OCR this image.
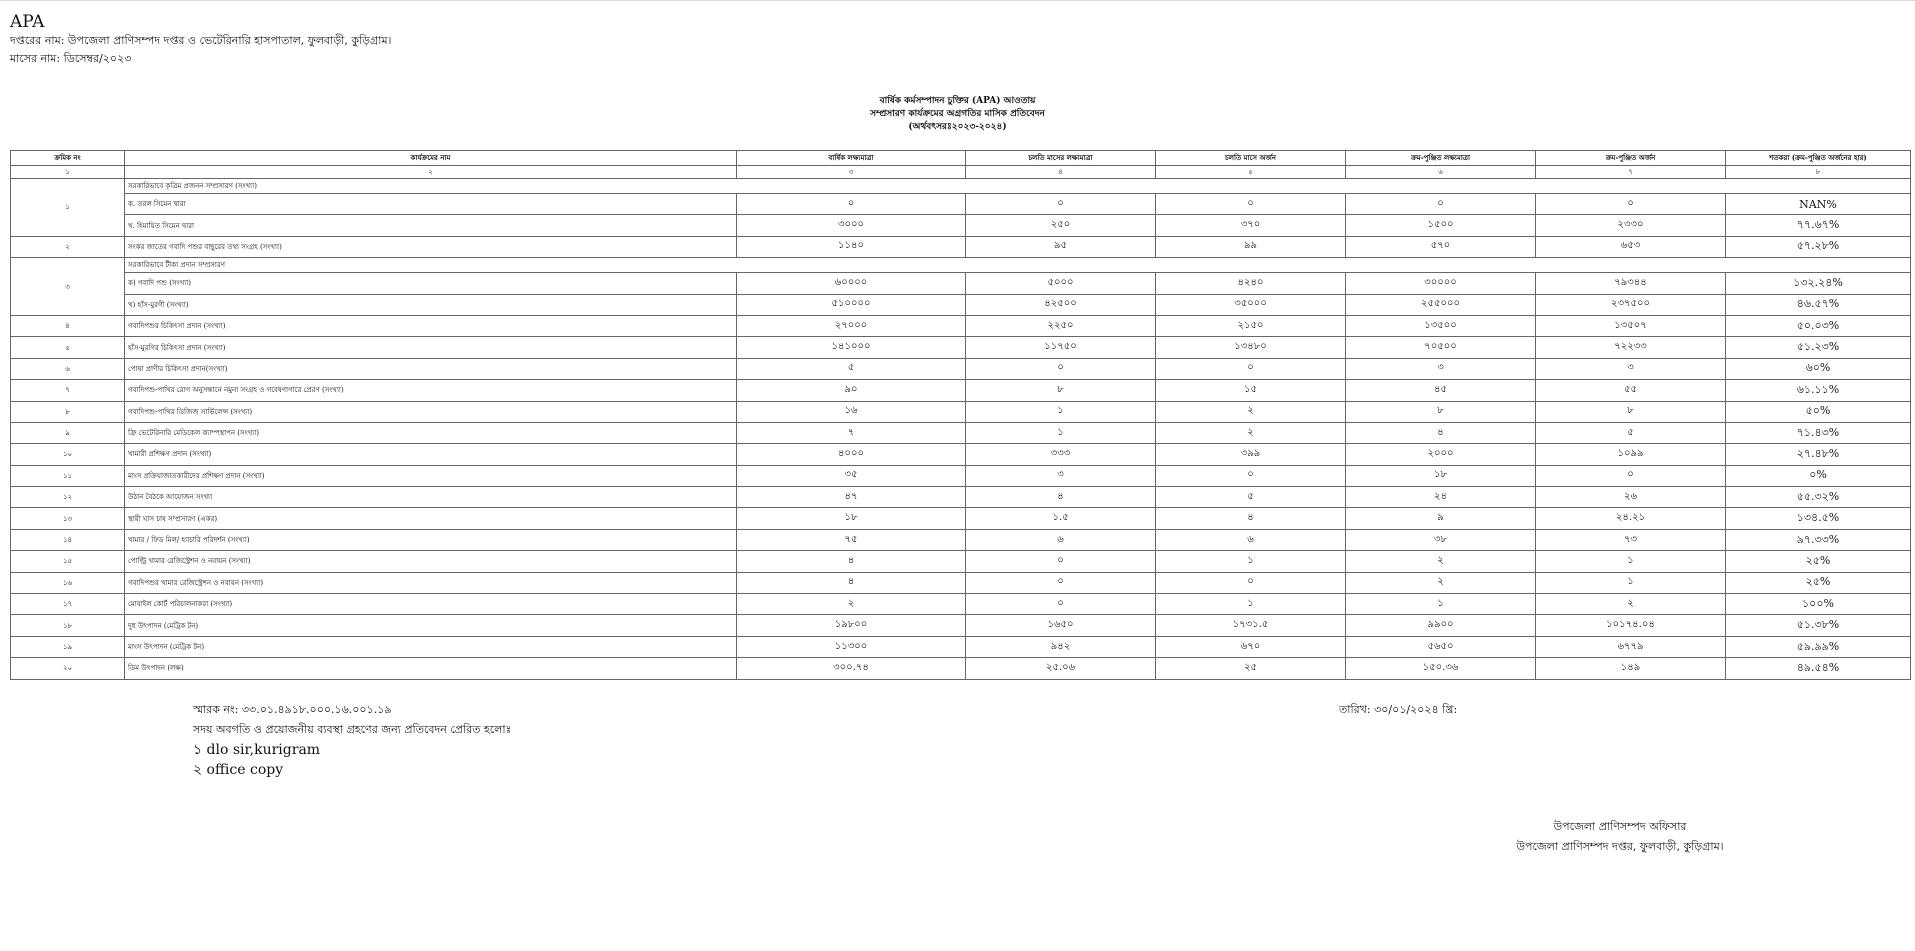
APA
দপ্তরের নাম: উপজেলা প্রাণিসম্পদ দপ্তর ও ভেটেরিনারি হাসপাতাল, ফুলবাড়ী, কুড়িগ্রাম।
মাসের নাম: ডিসেম্বর/২০২৩
বার্ষিক কর্মসম্পাদন চুক্তির (APA) আওতায়
সম্প্রসারণ কার্যক্রমের অগ্রগতির মাসিক প্রতিবেদন
(অর্থবৎসরঃ২০২৩-২০২৪)
ক্রমিক নং	কার্যক্রমের নাম	বার্ষিক লক্ষ্যমাত্রা	চলতি মাসের লক্ষ্যমাত্রা	চলতি মাসে অর্জন	ক্রম-পুঞ্জিত লক্ষ্যমাত্রা	ক্রম-পুঞ্জিত অর্জন	শতকরা (ক্রম-পুঞ্জিত অর্জনের হার)
১	২	৩	৪	৫	৬	৭	৮
১	সরকারিভাবে কৃত্রিম প্রজনন সম্প্রসারণ (সংখ্যা)						
	ক. তরল সিমেন দ্বারা	০	০	০	০	০	NAN%
	খ. হিমায়িত সিমেন দ্বারা	৩০০০	২৫০	৩৭০	১৫০০	২৩৩০	৭৭.৬৭%
২	সংকর জাতের গবাদি পশুর বাছুরের তথ্য সংগ্রহ (সংখ্যা)	১১৪০	৯৫	৯৯	৫৭০	৬৫৩	৫৭.২৮%
৩	সরকারিভাবে টীকা প্রদান সম্প্রসারণ						
	ক) গবাদি পশু (সংখ্যা)	৬০০০০	৫০০০	৪২৪০	৩০০০০	৭৯৩৪৪	১৩২.২৪%
	খ) হাঁস-মুরগী (সংখ্যা)	৫১০০০০	৪২৫০০	৩৫০০০	২৫৫০০০	২৩৭৫০০	৪৬.৫৭%
৪	গবাদিপশুর চিকিৎসা প্রদান (সংখ্যা)	২৭০০০	২২৫০	২১৫০	১৩৫০০	১৩৫০৭	৫০.০৩%
৫	হাঁস-মুরগির চিকিৎসা প্রদান (সংখ্যা)	১৪১০০০	১১৭৫০	১৩৪৮০	৭০৫০০	৭২২৩৩	৫১.২৩%
৬	পোষা প্রাণীর চিকিৎসা প্রদান(সংখ্যা)	৫	০	০	৩	৩	৬০%
৭	গবাদিপশু-পাখির রোগ অনুসন্ধানে নমুনা সংগ্রহ ও গবেষণাগারে প্রেরণ (সংখ্যা)	৯০	৮	১৫	৪৫	৫৫	৬১.১১%
৮	গবাদিপশু-পাখির ডিজিজ সার্ভিলেন্স (সংখ্যা)	১৬	১	২	৮	৮	৫০%
৯	ফ্রি ভেটেরিনারি মেডিকেল ক্যাম্পস্থাপন (সংখ্যা)	৭	১	২	৪	৫	৭১.৪৩%
১০	খামারী প্রশিক্ষণ প্রদান (সংখ্যা)	৪০০০	৩৩৩	৩৯৯	২০০০	১০৯৯	২৭.৪৮%
১১	মাংস প্রক্রিয়াজাতকারীদের প্রশিক্ষণ প্রদান (সংখ্যা)	৩৫	৩	০	১৮	০	০%
১২	উঠান বৈঠকে আয়োজন সংখ্যা	৪৭	৪	৫	২৪	২৬	৫৫.৩২%
১৩	স্থায়ী ঘাস চাষ সম্প্রসারণ (একর)	১৮	১.৫	৪	৯	২৪.২১	১৩৪.৫%
১৪	খামার / ফিড মিল/ হ্যাচারি পরিদর্শন (সংখ্যা)	৭৫	৬	৬	৩৮	৭৩	৯৭.৩৩%
১৫	পোল্ট্রি খামার রেজিস্ট্রেশন ও নবায়ন (সংখ্যা)	৪	০	১	২	১	২৫%
১৬	গবাদিপশুর খামার রেজিস্ট্রেশন ও নবায়ন (সংখ্যা)	৪	০	০	২	১	২৫%
১৭	মোবাইল কোর্ট পরিচালনাকরা (সংখ্যা)	২	০	১	১	২	১০০%
১৮	দুধ উৎপাদন (মেট্রিক টন)	১৯৮০০	১৬৫০	১৭৩১.৫	৯৯০০	১০১৭৪.০৪	৫১.৩৮%
১৯	মাংস উৎপাদন (মেট্রিক টন)	১১৩০০	৯৪২	৬৭০	৫৬৫০	৬৭৭৯	৫৯.৯৯%
২০	ডিম উৎপাদন (লক্ষ)	৩০০.৭৪	২৫.০৬	২৫	১৫০.৩৬	১৪৯	৪৯.৫৪%
স্মারক নং: ৩৩.০১.৪৯১৮.০০০.১৬.০০১.১৯
সদয় অবগতি ও প্রয়োজনীয় ব্যবস্থা গ্রহণের জন্য প্রতিবেদন প্রেরিত হলোঃ
১ dlo sir,kurigram
২ office copy
তারিখ: ৩০/০১/২০২৪ খ্রি:
উপজেলা প্রাণিসম্পদ অফিসার
উপজেলা প্রাণিসম্পদ দপ্তর, ফুলবাড়ী, কুড়িগ্রাম।
